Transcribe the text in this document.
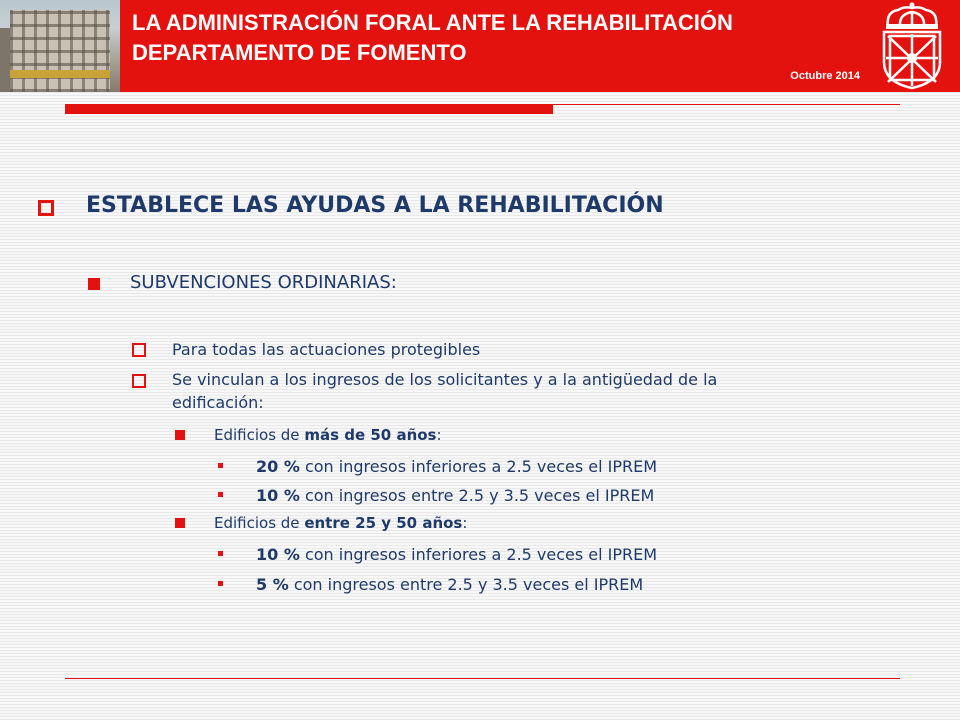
LA ADMINISTRACIÓN FORAL ANTE LA REHABILITACIÓN
DEPARTAMENTO DE FOMENTO
Octubre 2014
ESTABLECE LAS AYUDAS A LA REHABILITACIÓN
SUBVENCIONES ORDINARIAS:
Para todas las actuaciones protegibles
Se vinculan a los ingresos de los solicitantes y a la antigüedad de la
edificación:
Edificios de más de 50 años:
20 % con ingresos inferiores a 2.5 veces el IPREM
10 % con ingresos entre 2.5 y 3.5 veces el IPREM
Edificios de entre 25 y 50 años:
10 % con ingresos inferiores a 2.5 veces el IPREM
5 % con ingresos entre 2.5 y 3.5 veces el IPREM
